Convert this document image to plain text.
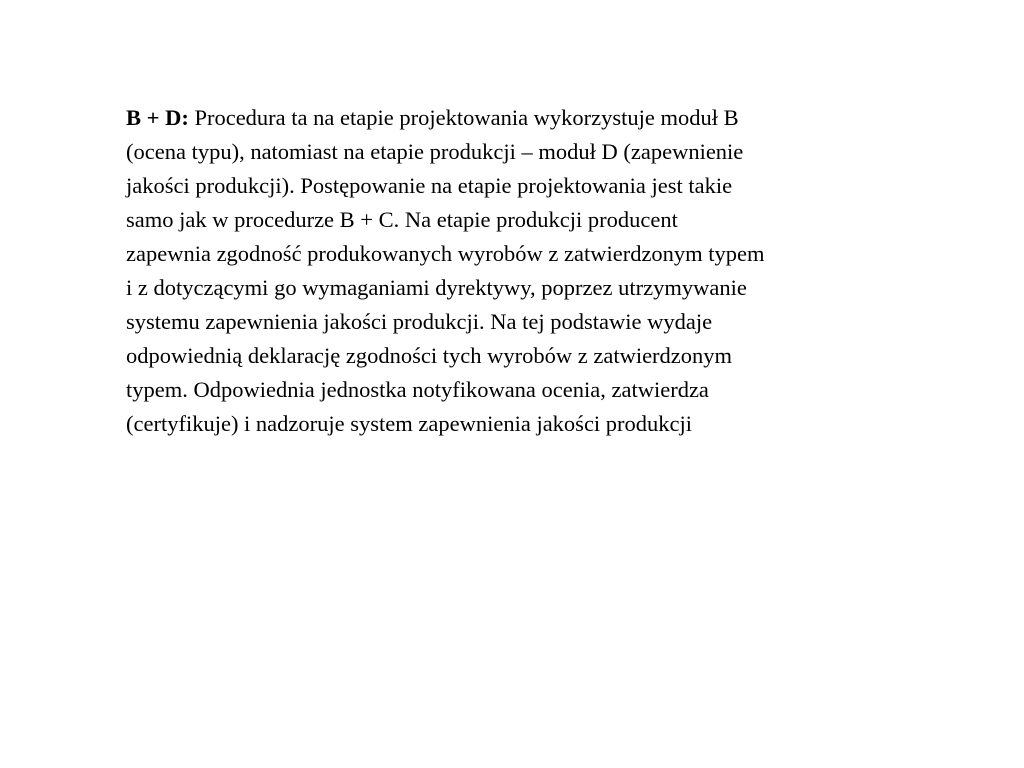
B + D: Procedura ta na etapie projektowania wykorzystuje moduł B
(ocena typu), natomiast na etapie produkcji – moduł D (zapewnienie
jakości produkcji). Postępowanie na etapie projektowania jest takie
samo jak w procedurze B + C. Na etapie produkcji producent
zapewnia zgodność produkowanych wyrobów z zatwierdzonym typem
i z dotyczącymi go wymaganiami dyrektywy, poprzez utrzymywanie
systemu zapewnienia jakości produkcji. Na tej podstawie wydaje
odpowiednią deklarację zgodności tych wyrobów z zatwierdzonym
typem. Odpowiednia jednostka notyfikowana ocenia, zatwierdza
(certyfikuje) i nadzoruje system zapewnienia jakości produkcji
